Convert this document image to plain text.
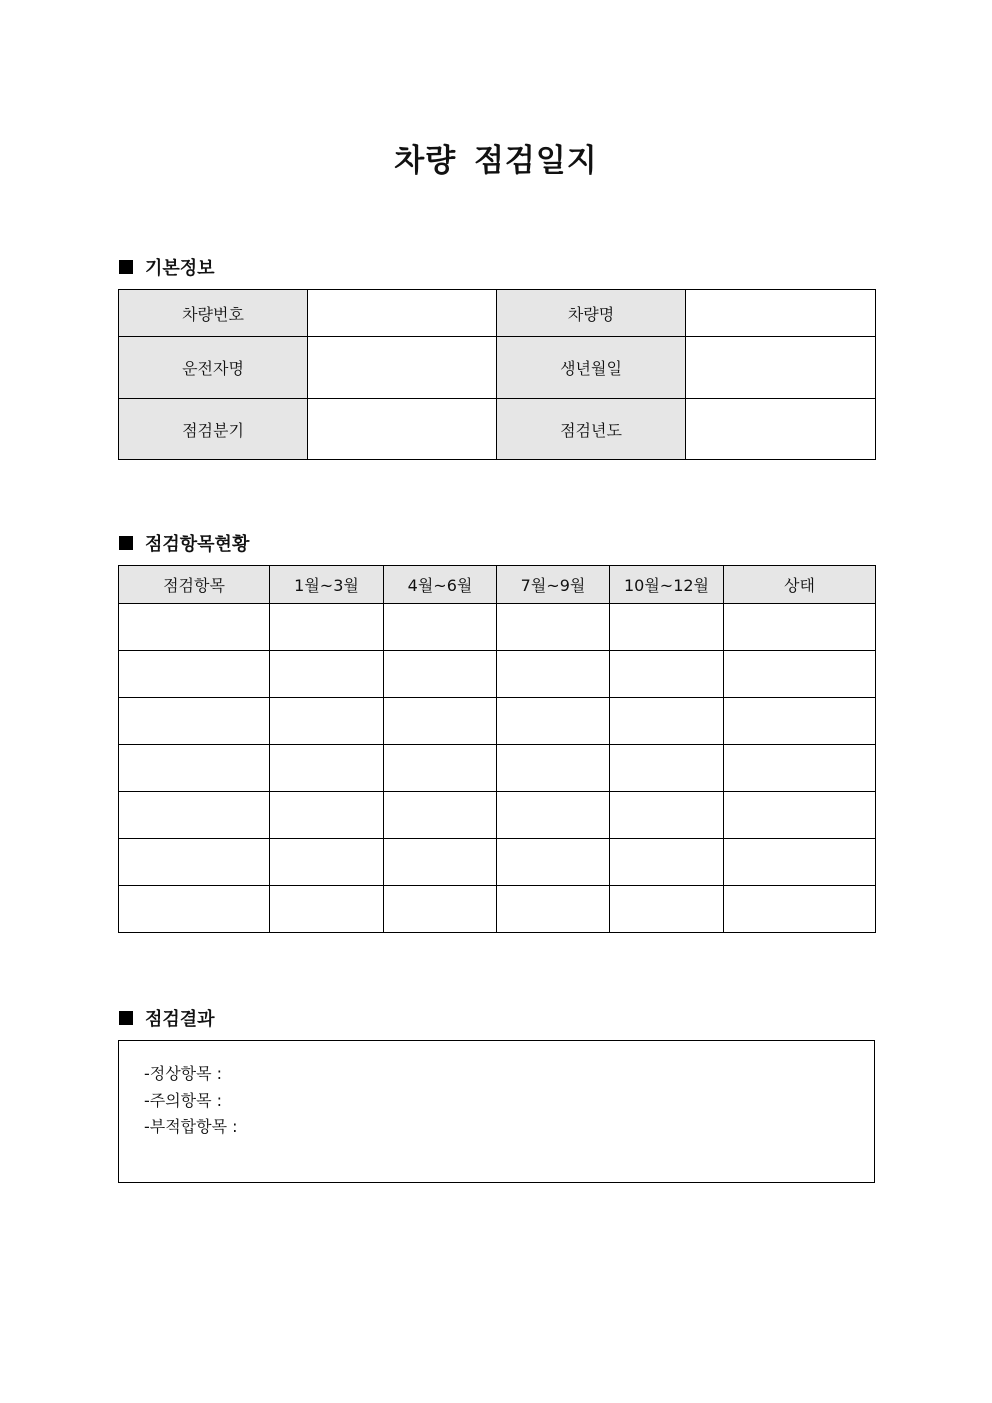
차량 점검일지
기본정보
차량번호		차량명	
운전자명		생년월일	
점검분기		점검년도	
점검항목현황
점검항목	1월~3월	4월~6월	7월~9월	10월~12월	상태

점검결과
-정상항목 :
-주의항목 :
-부적합항목 :
